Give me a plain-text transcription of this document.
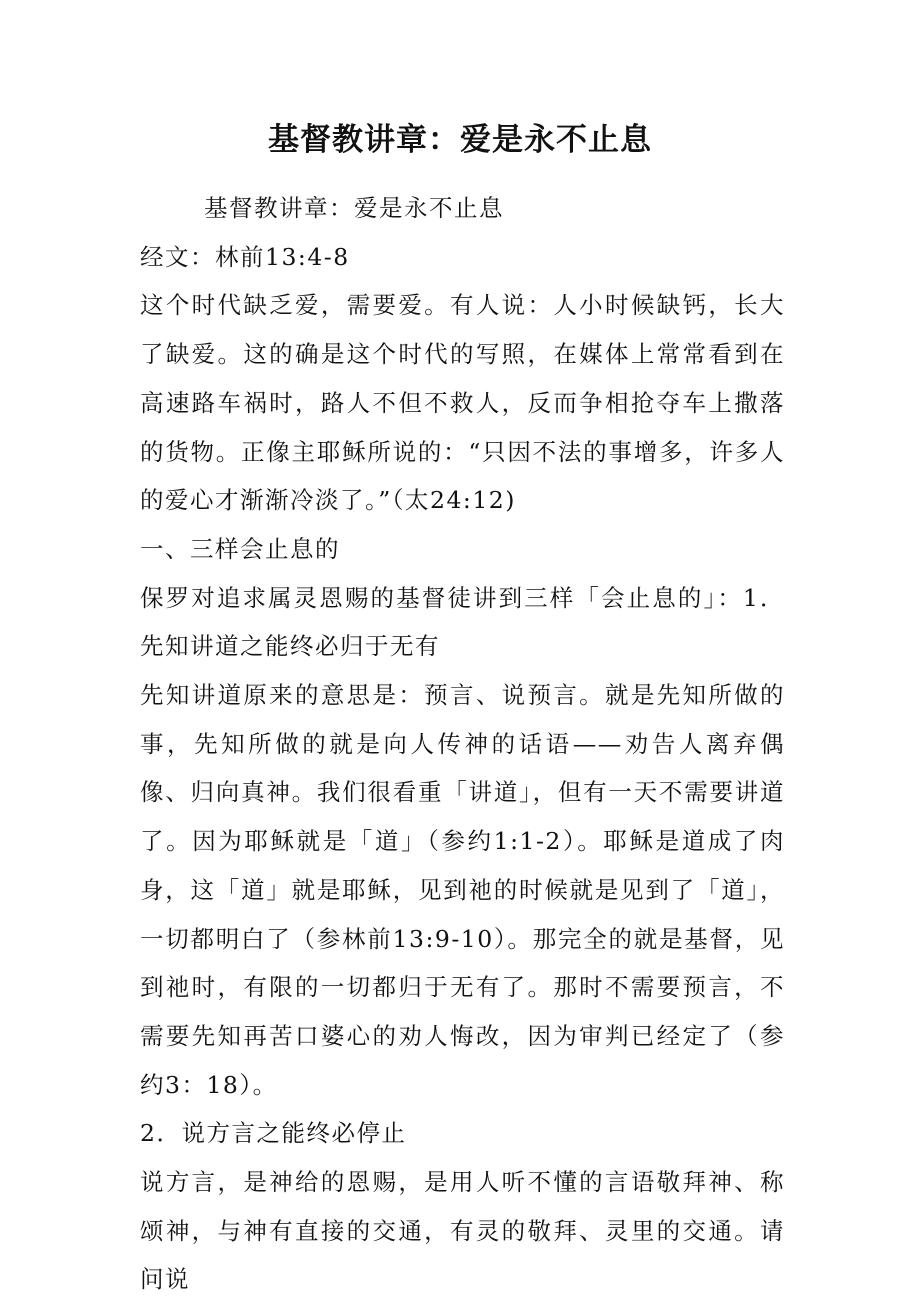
基督教讲章：爱是永不止息

基督教讲章：爱是永不止息

经文：林前13:4-8

这个时代缺乏爱，需要爱。有人说：人小时候缺钙，长大了缺爱。这的确是这个时代的写照，在媒体上常常看到在高速路车祸时，路人不但不救人，反而争相抢夺车上撒落的货物。正像主耶稣所说的：“只因不法的事增多，许多人的爱心才渐渐冷淡了。”（太24:12)

一、三样会止息的

保罗对追求属灵恩赐的基督徒讲到三样「会止息的」：1．先知讲道之能终必归于无有

先知讲道原来的意思是：预言、说预言。就是先知所做的事，先知所做的就是向人传神的话语——劝告人离弃偶像、归向真神。我们很看重「讲道」，但有一天不需要讲道了。因为耶稣就是「道」（参约1:1-2）。耶稣是道成了肉身，这「道」就是耶稣，见到祂的时候就是见到了「道」，一切都明白了（参林前13:9-10）。那完全的就是基督，见到祂时，有限的一切都归于无有了。那时不需要预言，不需要先知再苦口婆心的劝人悔改，因为审判已经定了（参约3：18）。

2．说方言之能终必停止

说方言，是神给的恩赐，是用人听不懂的言语敬拜神、称颂神，与神有直接的交通，有灵的敬拜、灵里的交通。请问说
